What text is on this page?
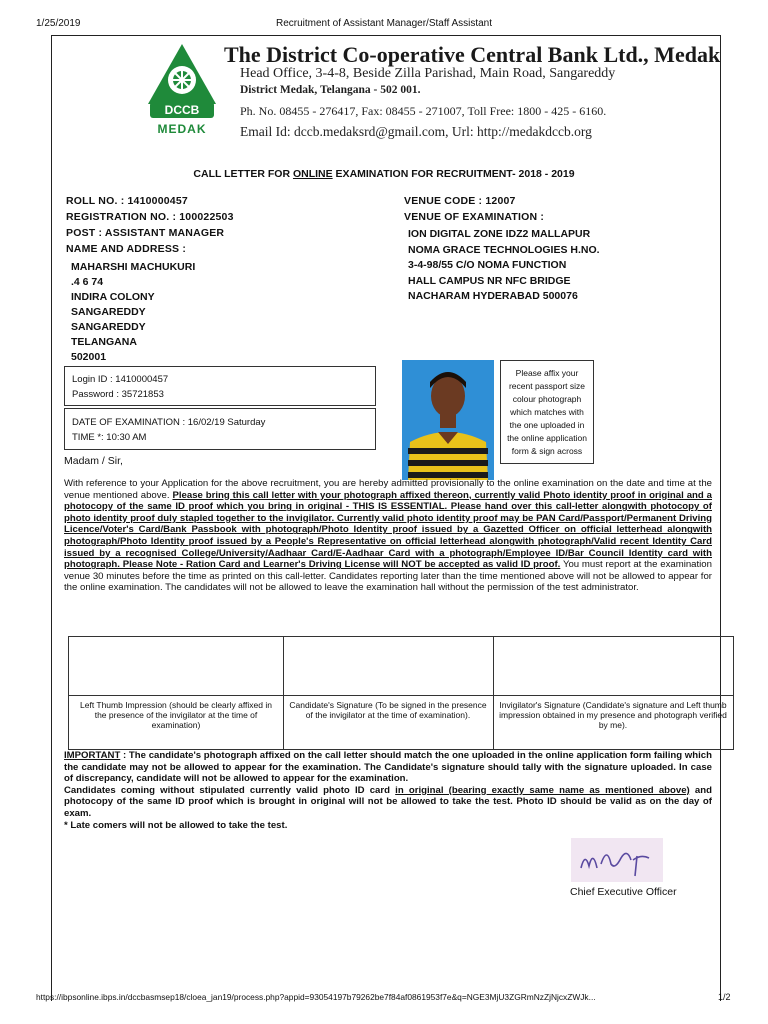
1/25/2019	Recruitment of Assistant Manager/Staff Assistant
DCCB
MEDAK
The District Co-operative Central Bank Ltd., Medak
Head Office, 3-4-8, Beside Zilla Parishad, Main Road, Sangareddy
District Medak, Telangana - 502 001.
Ph. No. 08455 - 276417, Fax: 08455 - 271007, Toll Free: 1800 - 425 - 6160.
Email Id: dccb.medaksrd@gmail.com, Url: http://medakdccb.org
CALL LETTER FOR ONLINE EXAMINATION FOR RECRUITMENT- 2018 - 2019
ROLL NO. : 1410000457
REGISTRATION NO. : 100022503
POST : ASSISTANT MANAGER
NAME AND ADDRESS :
MAHARSHI MACHUKURI
.4 6 74
INDIRA COLONY
SANGAREDDY
SANGAREDDY
TELANGANA
502001
VENUE CODE : 12007
VENUE OF EXAMINATION :
ION DIGITAL ZONE IDZ2 MALLAPUR
NOMA GRACE TECHNOLOGIES H.NO.
3-4-98/55 C/O NOMA FUNCTION
HALL CAMPUS NR NFC BRIDGE
NACHARAM HYDERABAD 500076
Login ID : 1410000457
Password : 35721853
DATE OF EXAMINATION : 16/02/19 Saturday
TIME *: 10:30 AM
Please affix your recent passport size colour photograph which matches with the one uploaded in the online application form & sign across
Madam / Sir,
With reference to your Application for the above recruitment, you are hereby admitted provisionally to the online examination on the date and time at the venue mentioned above. Please bring this call letter with your photograph affixed thereon, currently valid Photo identity proof in original and a photocopy of the same ID proof which you bring in original - THIS IS ESSENTIAL. Please hand over this call-letter alongwith photocopy of photo identity proof duly stapled together to the invigilator. Currently valid photo identity proof may be PAN Card/Passport/Permanent Driving Licence/Voter's Card/Bank Passbook with photograph/Photo Identity proof issued by a Gazetted Officer on official letterhead alongwith photograph/Photo Identity proof issued by a People's Representative on official letterhead alongwith photograph/Valid recent Identity Card issued by a recognised College/University/Aadhaar Card/E-Aadhaar Card with a photograph/Employee ID/Bar Council Identity card with photograph. Please Note - Ration Card and Learner's Driving License will NOT be accepted as valid ID proof. You must report at the examination venue 30 minutes before the time as printed on this call-letter. Candidates reporting later than the time mentioned above will not be allowed to appear for the online examination. The candidates will not be allowed to leave the examination hall without the permission of the test administrator.
Left Thumb Impression (should be clearly affixed in the presence of the invigilator at the time of examination)
Candidate's Signature (To be signed in the presence of the invigilator at the time of examination).
Invigilator's Signature (Candidate's signature and Left thumb impression obtained in my presence and photograph verified by me).
IMPORTANT : The candidate's photograph affixed on the call letter should match the one uploaded in the online application form failing which the candidate may not be allowed to appear for the examination. The Candidate's signature should tally with the signature uploaded. In case of discrepancy, candidate will not be allowed to appear for the examination.
Candidates coming without stipulated currently valid photo ID card in original (bearing exactly same name as mentioned above) and photocopy of the same ID proof which is brought in original will not be allowed to take the test. Photo ID should be valid as on the day of exam.
* Late comers will not be allowed to take the test.
Chief Executive Officer
https://ibpsonline.ibps.in/dccbasmsep18/cloea_jan19/process.php?appid=93054197b79262be7f84af0861953f7e&q=NGE3MjU3ZGRmNzZjNjcxZWJk...	1/2
